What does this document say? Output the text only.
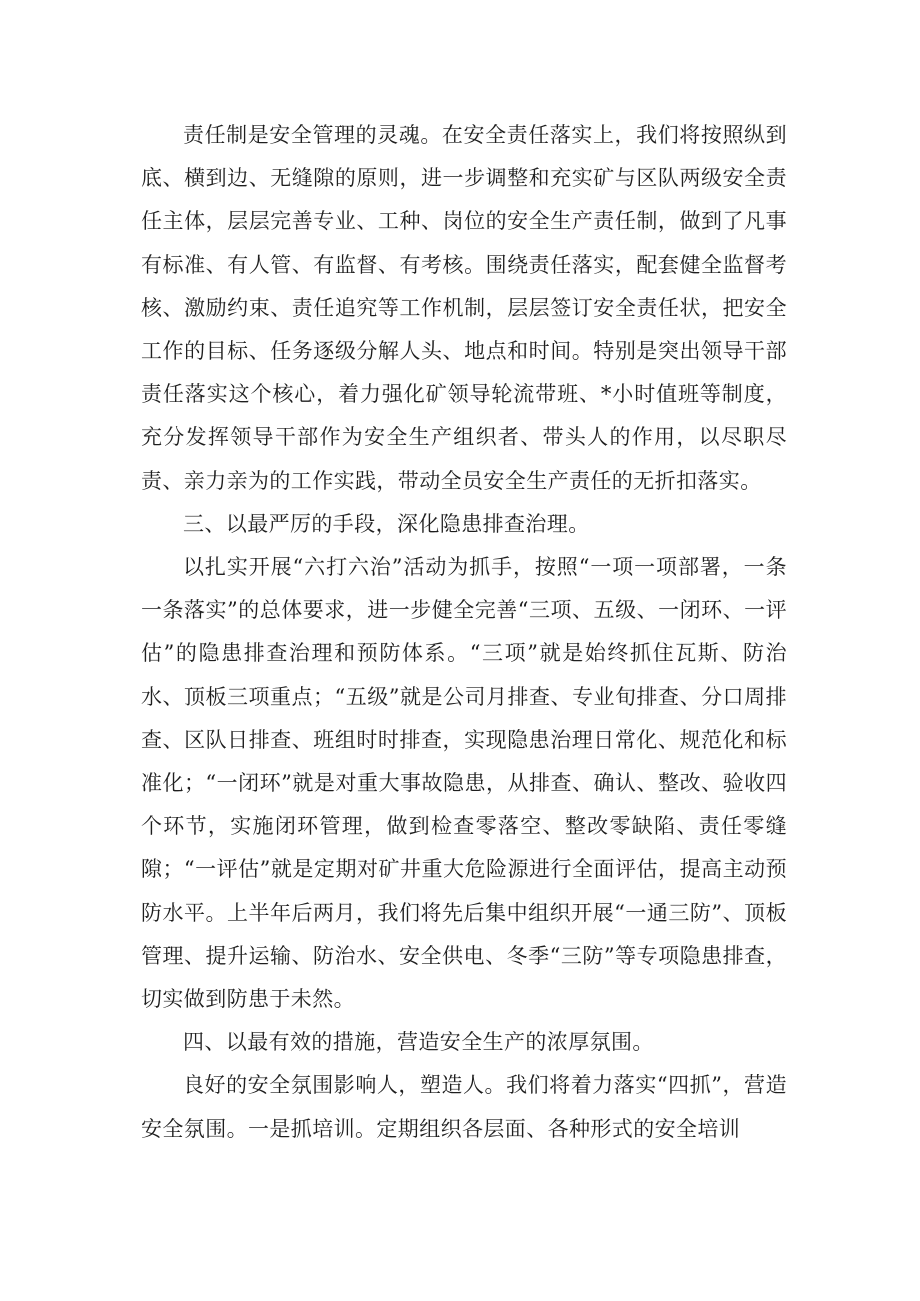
责任制是安全管理的灵魂。在安全责任落实上，我们将按照纵到底、横到边、无缝隙的原则，进一步调整和充实矿与区队两级安全责任主体，层层完善专业、工种、岗位的安全生产责任制，做到了凡事有标准、有人管、有监督、有考核。围绕责任落实，配套健全监督考核、激励约束、责任追究等工作机制，层层签订安全责任状，把安全工作的目标、任务逐级分解人头、地点和时间。特别是突出领导干部责任落实这个核心，着力强化矿领导轮流带班、*小时值班等制度，充分发挥领导干部作为安全生产组织者、带头人的作用，以尽职尽责、亲力亲为的工作实践，带动全员安全生产责任的无折扣落实。

三、以最严厉的手段，深化隐患排查治理。

以扎实开展“六打六治”活动为抓手，按照“一项一项部署，一条一条落实”的总体要求，进一步健全完善“三项、五级、一闭环、一评估”的隐患排查治理和预防体系。“三项”就是始终抓住瓦斯、防治水、顶板三项重点；“五级”就是公司月排查、专业旬排查、分口周排查、区队日排查、班组时时排查，实现隐患治理日常化、规范化和标准化；“一闭环”就是对重大事故隐患，从排查、确认、整改、验收四个环节，实施闭环管理，做到检查零落空、整改零缺陷、责任零缝隙；“一评估”就是定期对矿井重大危险源进行全面评估，提高主动预防水平。上半年后两月，我们将先后集中组织开展“一通三防”、顶板管理、提升运输、防治水、安全供电、冬季“三防”等专项隐患排查，切实做到防患于未然。

四、以最有效的措施，营造安全生产的浓厚氛围。

良好的安全氛围影响人，塑造人。我们将着力落实“四抓”，营造安全氛围。一是抓培训。定期组织各层面、各种形式的安全培训
